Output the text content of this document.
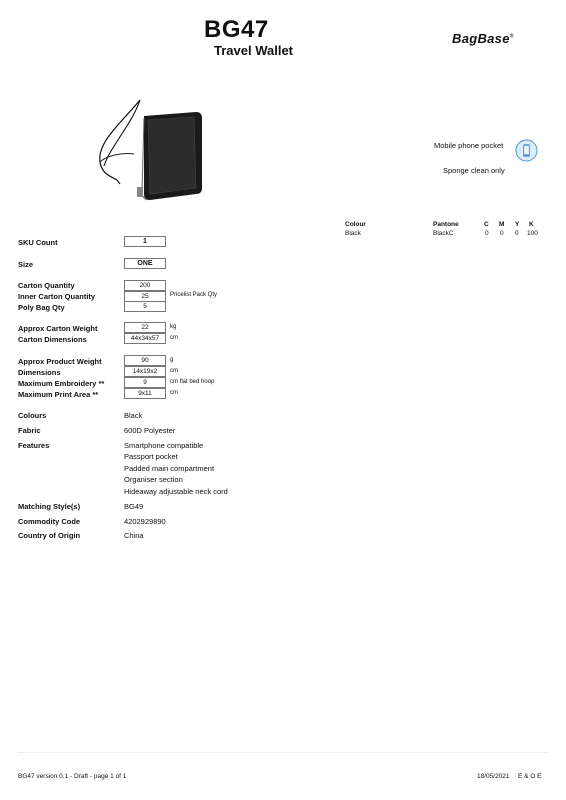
BG47
Travel Wallet
BagBase®
Mobile phone pocket
Sponge clean only
Colour	Pantone	C M Y K
Black	BlackC	0 0 0 100
SKU Count	1
Size	ONE
Carton Quantity	200
Inner Carton Quantity	25	Pricelist Pack Qty
Poly Bag Qty	5
Approx Carton Weight	22	kg
Carton Dimensions	44x34x57	cm
Approx Product Weight	90	g
Dimensions	14x19x2	cm
Maximum Embroidery **	9	cm flat bed hoop
Maximum Print Area **	9x11	cm
Colours	Black
Fabric	600D Polyester
Features	Smartphone compatible
Passport pocket
Padded main compartment
Organiser section
Hideaway adjustable neck cord
Matching Style(s)	BG49
Commodity Code	4202929890
Country of Origin	China
BG47 version 0.1 - Draft - page 1 of 1	18/05/2021 E & O E
